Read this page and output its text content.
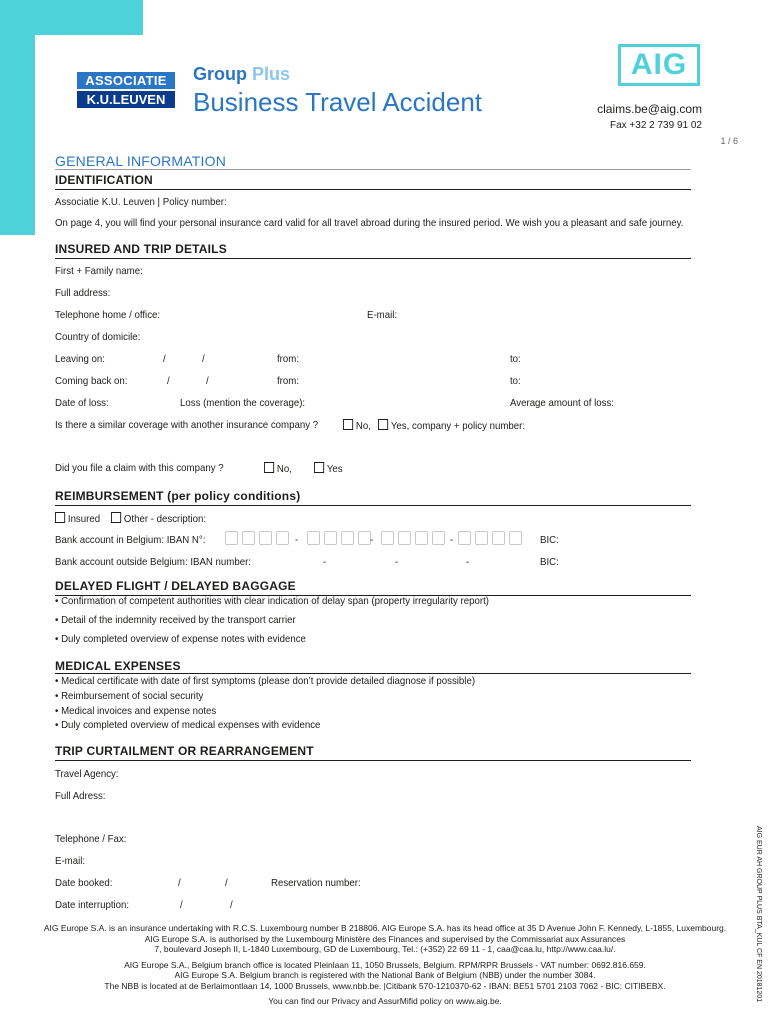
ASSOCIATIE
K.U.LEUVEN
Group Plus
Business Travel Accident
AIG
claims.be@aig.com
Fax +32 2 739 91 02
1 / 6
GENERAL INFORMATION
IDENTIFICATION
Associatie K.U. Leuven | Policy number:
On page 4, you will find your personal insurance card valid for all travel abroad during the insured period. We wish you a pleasant and safe journey.
INSURED AND TRIP DETAILS
First + Family name:
Full address:
Telephone home / office:	E-mail:
Country of domicile:
Leaving on:	/	/	from:	to:
Coming back on:	/	/	from:	to:
Date of loss:	Loss (mention the coverage):	Average amount of loss:
Is there a similar coverage with another insurance company ?	No,	Yes, company + policy number:
Did you file a claim with this company ?	No,	Yes
REIMBURSEMENT (per policy conditions)
Insured	Other - description:
Bank account in Belgium: IBAN N°:	-	-	-	BIC:
Bank account outside Belgium: IBAN number:	-	-	-	BIC:
DELAYED FLIGHT / DELAYED BAGGAGE
• Confirmation of competent authorities with clear indication of delay span (property irregularity report)
• Detail of the indemnity received by the transport carrier
• Duly completed overview of expense notes with evidence
MEDICAL EXPENSES
• Medical certificate with date of first symptoms (please don’t provide detailed diagnose if possible)
• Reimbursement of social security
• Medical invoices and expense notes
• Duly completed overview of medical expenses with evidence
TRIP CURTAILMENT OR REARRANGEMENT
Travel Agency:
Full Adress:
Telephone / Fax:
E-mail:
Date booked:	/	/	Reservation number:
Date interruption:	/	/	AIG EUR AH GROUP PLUS BTA_KUL CF EN 20181201
AIG Europe S.A. is an insurance undertaking with R.C.S. Luxembourg number B 218806. AIG Europe S.A. has its head office at 35 D Avenue John F. Kennedy, L-1855, Luxembourg.
AIG Europe S.A. is authorised by the Luxembourg Ministère des Finances and supervised by the Commissariat aux Assurances
7, boulevard Joseph II, L-1840 Luxembourg, GD de Luxembourg, Tel.: (+352) 22 69 11 - 1, caa@caa.lu, http://www.caa.lu/.
AIG Europe S.A., Belgium branch office is located Pleinlaan 11, 1050 Brussels, Belgium. RPM/RPR Brussels - VAT number: 0692.816.659.
AIG Europe S.A. Belgium branch is registered with the National Bank of Belgium (NBB) under the number 3084.
The NBB is located at de Berlaimontlaan 14, 1000 Brussels, www.nbb.be. |Citibank 570-1210370-62 - IBAN: BE51 5701 2103 7062 - BIC: CITIBEBX.
You can find our Privacy and AssurMifid policy on www.aig.be.
